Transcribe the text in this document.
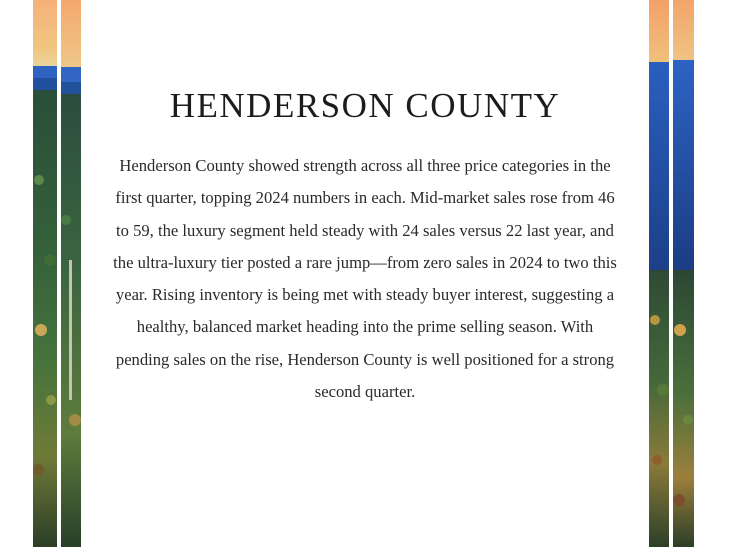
HENDERSON COUNTY

Henderson County showed strength across all three price categories in the first quarter, topping 2024 numbers in each. Mid-market sales rose from 46 to 59, the luxury segment held steady with 24 sales versus 22 last year, and the ultra-luxury tier posted a rare jump—from zero sales in 2024 to two this year. Rising inventory is being met with steady buyer interest, suggesting a healthy, balanced market heading into the prime selling season. With pending sales on the rise, Henderson County is well positioned for a strong second quarter.
